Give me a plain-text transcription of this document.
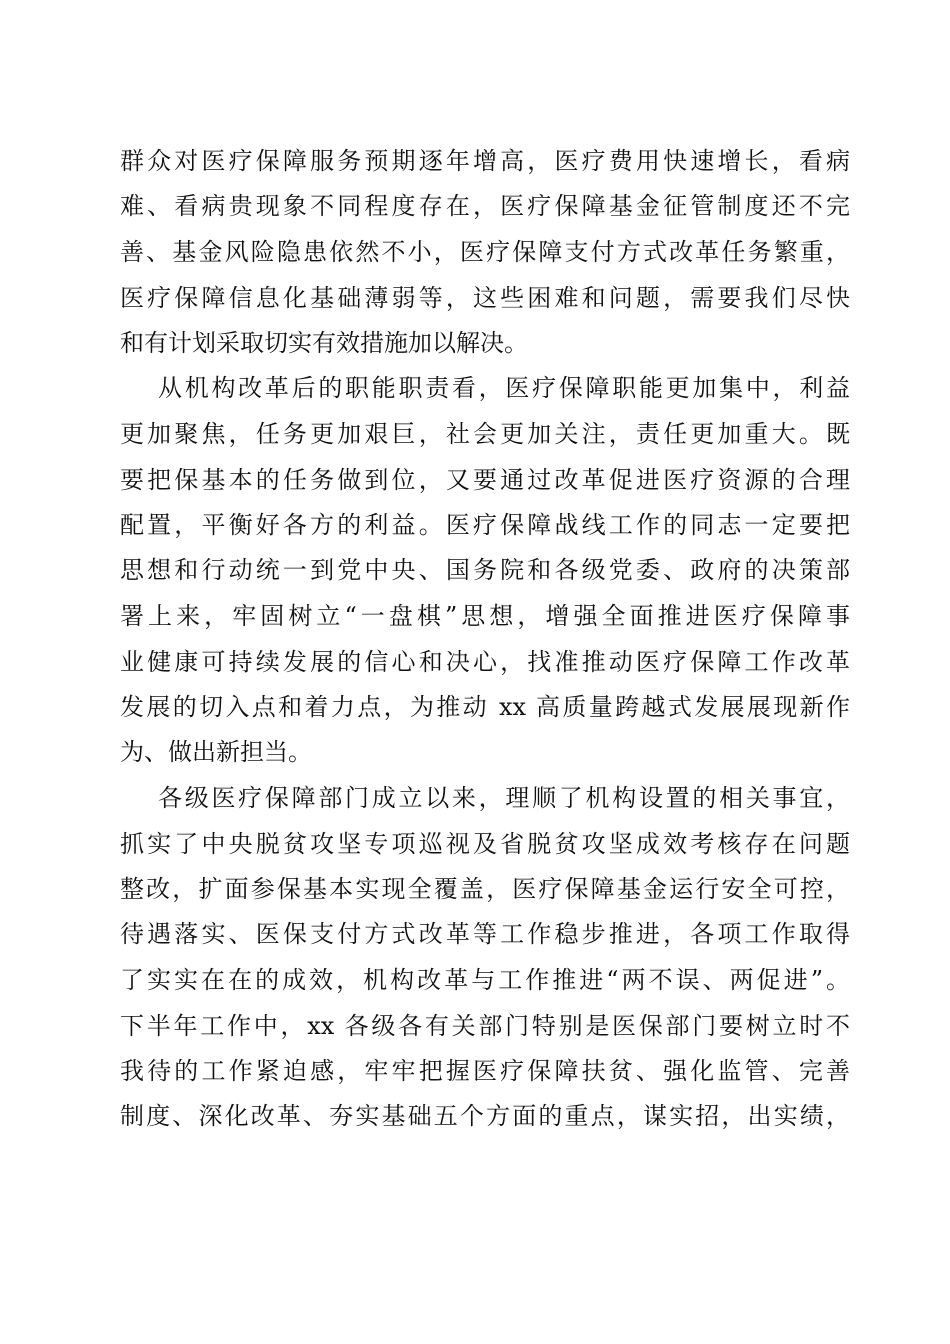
群众对医疗保障服务预期逐年增高，医疗费用快速增长，看病

难、看病贵现象不同程度存在，医疗保障基金征管制度还不完

善、基金风险隐患依然不小，医疗保障支付方式改革任务繁重，

医疗保障信息化基础薄弱等，这些困难和问题，需要我们尽快

和有计划采取切实有效措施加以解决。

从机构改革后的职能职责看，医疗保障职能更加集中，利益

更加聚焦，任务更加艰巨，社会更加关注，责任更加重大。既

要把保基本的任务做到位，又要通过改革促进医疗资源的合理

配置，平衡好各方的利益。医疗保障战线工作的同志一定要把

思想和行动统一到党中央、国务院和各级党委、政府的决策部

署上来，牢固树立“一盘棋”思想，增强全面推进医疗保障事

业健康可持续发展的信心和决心，找准推动医疗保障工作改革

发展的切入点和着力点，为推动 xx 高质量跨越式发展展现新作

为、做出新担当。

各级医疗保障部门成立以来，理顺了机构设置的相关事宜，

抓实了中央脱贫攻坚专项巡视及省脱贫攻坚成效考核存在问题

整改，扩面参保基本实现全覆盖，医疗保障基金运行安全可控，

待遇落实、医保支付方式改革等工作稳步推进，各项工作取得

了实实在在的成效，机构改革与工作推进“两不误、两促进”。

下半年工作中，xx 各级各有关部门特别是医保部门要树立时不

我待的工作紧迫感，牢牢把握医疗保障扶贫、强化监管、完善

制度、深化改革、夯实基础五个方面的重点，谋实招，出实绩，
